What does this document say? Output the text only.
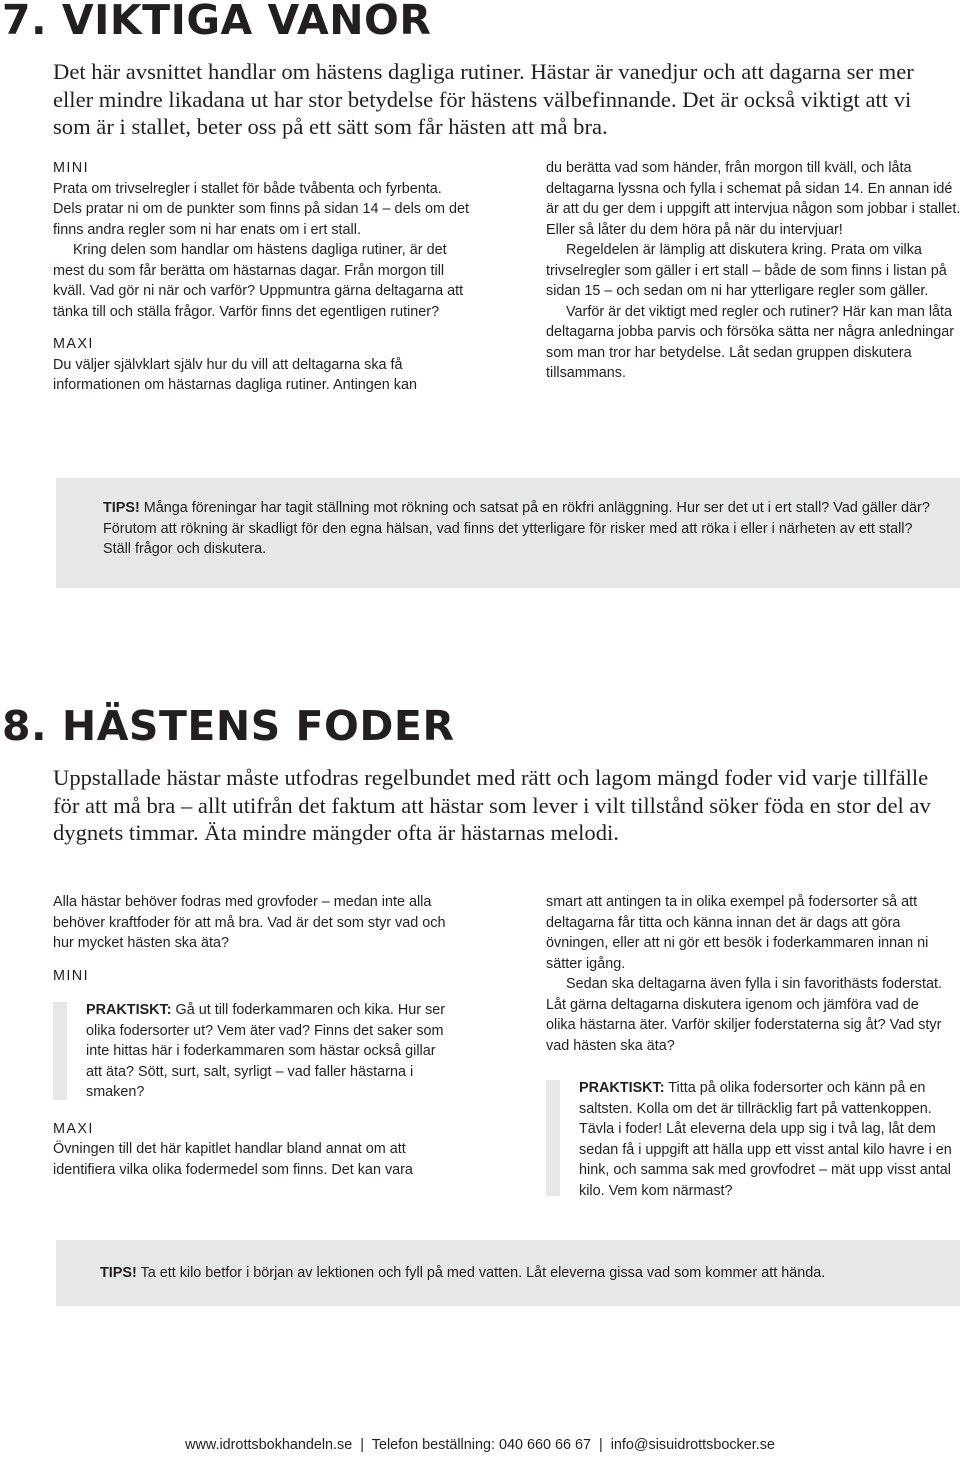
7. VIKTIGA VANOR

Det här avsnittet handlar om hästens dagliga rutiner. Hästar är vanedjur och att dagarna ser mer eller mindre likadana ut har stor betydelse för hästens välbefinnande. Det är också viktigt att vi som är i stallet, beter oss på ett sätt som får hästen att må bra.

MINI

Prata om trivselregler i stallet för både tvåbenta och fyrbenta. Dels pratar ni om de punkter som finns på sidan 14 – dels om det finns andra regler som ni har enats om i ert stall.

Kring delen som handlar om hästens dagliga rutiner, är det mest du som får berätta om hästarnas dagar. Från morgon till kväll. Vad gör ni när och varför? Uppmuntra gärna deltagarna att tänka till och ställa frågor. Varför finns det egentligen rutiner?

MAXI

Du väljer självklart själv hur du vill att deltagarna ska få informationen om hästarnas dagliga rutiner. Antingen kan

du berätta vad som händer, från morgon till kväll, och låta deltagarna lyssna och fylla i schemat på sidan 14. En annan idé är att du ger dem i uppgift att intervjua någon som jobbar i stallet. Eller så låter du dem höra på när du intervjuar!

Regeldelen är lämplig att diskutera kring. Prata om vilka trivselregler som gäller i ert stall – både de som finns i listan på sidan 15 – och sedan om ni har ytterligare regler som gäller.

Varför är det viktigt med regler och rutiner? Här kan man låta deltagarna jobba parvis och försöka sätta ner några anledningar som man tror har betydelse. Låt sedan gruppen diskutera tillsammans.

TIPS! Många föreningar har tagit ställning mot rökning och satsat på en rökfri anläggning. Hur ser det ut i ert stall? Vad gäller där? Förutom att rökning är skadligt för den egna hälsan, vad finns det ytterligare för risker med att röka i eller i närheten av ett stall? Ställ frågor och diskutera.

8. HÄSTENS FODER

Uppstallade hästar måste utfodras regelbundet med rätt och lagom mängd foder vid varje tillfälle för att må bra – allt utifrån det faktum att hästar som lever i vilt tillstånd söker föda en stor del av dygnets timmar. Äta mindre mängder ofta är hästarnas melodi.

Alla hästar behöver fodras med grovfoder – medan inte alla behöver kraftfoder för att må bra. Vad är det som styr vad och hur mycket hästen ska äta?

MINI

PRAKTISKT: Gå ut till foderkammaren och kika. Hur ser olika fodersorter ut? Vem äter vad? Finns det saker som inte hittas här i foderkammaren som hästar också gillar att äta? Sött, surt, salt, syrligt – vad faller hästarna i smaken?

MAXI

Övningen till det här kapitlet handlar bland annat om att identifiera vilka olika fodermedel som finns. Det kan vara

smart att antingen ta in olika exempel på fodersorter så att deltagarna får titta och känna innan det är dags att göra övningen, eller att ni gör ett besök i foderkammaren innan ni sätter igång.

Sedan ska deltagarna även fylla i sin favorithästs foderstat. Låt gärna deltagarna diskutera igenom och jämföra vad de olika hästarna äter. Varför skiljer foderstaterna sig åt? Vad styr vad hästen ska äta?

PRAKTISKT: Titta på olika fodersorter och känn på en saltsten. Kolla om det är tillräcklig fart på vattenkoppen. Tävla i foder! Låt eleverna dela upp sig i två lag, låt dem sedan få i uppgift att hälla upp ett visst antal kilo havre i en hink, och samma sak med grovfodret – mät upp visst antal kilo. Vem kom närmast?

TIPS! Ta ett kilo betfor i början av lektionen och fyll på med vatten. Låt eleverna gissa vad som kommer att hända.

www.idrottsbokhandeln.se | Telefon beställning: 040 660 66 67 | info@sisuidrottsbocker.se
